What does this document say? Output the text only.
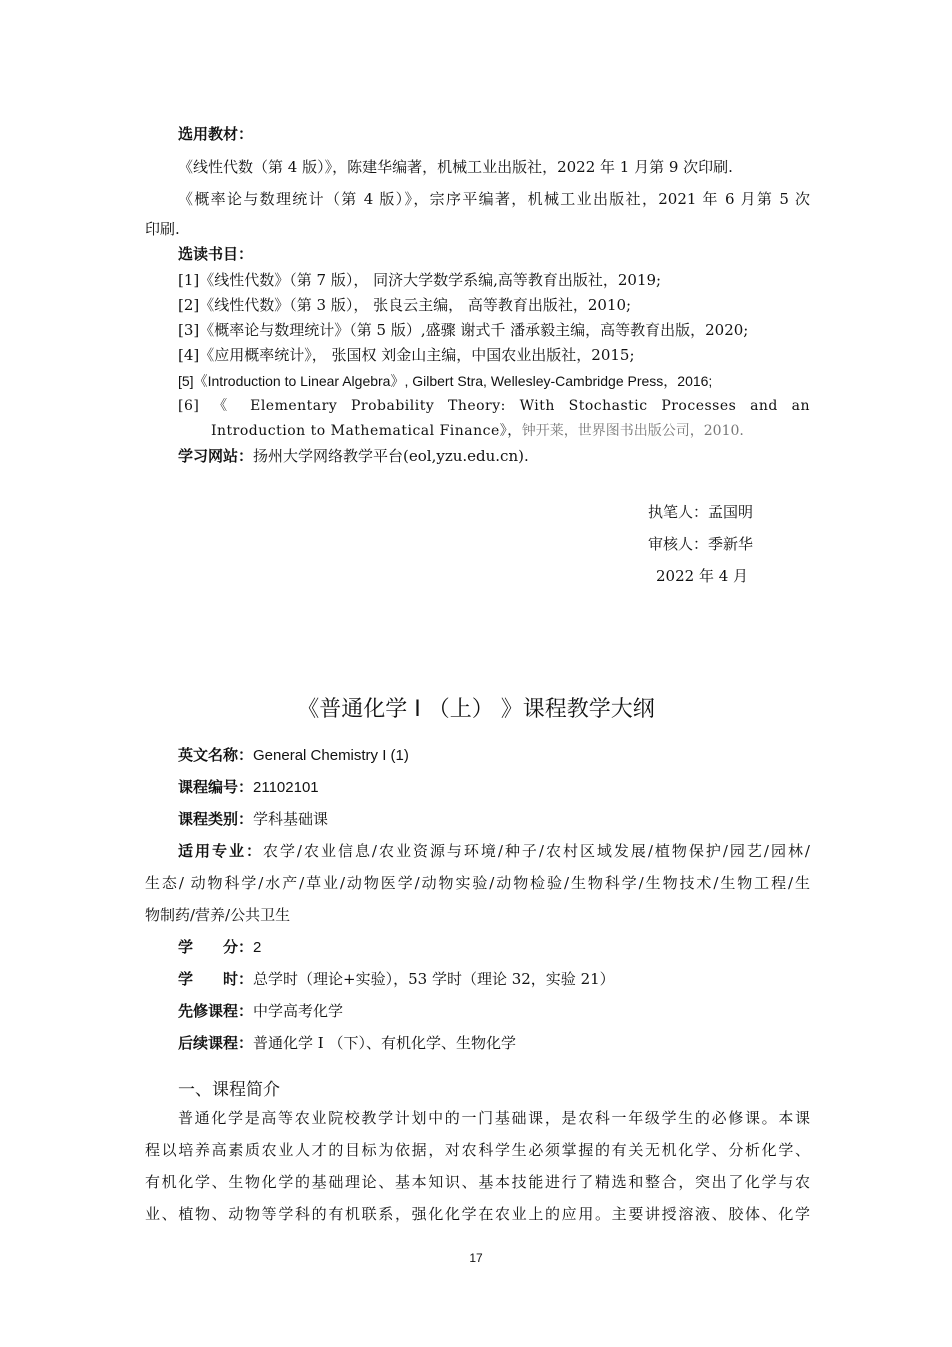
选用教材：
《线性代数（第 4 版）》，陈建华编著，机械工业出版社，2022 年 1 月第 9 次印刷.
《概率论与数理统计（第 4 版）》，宗序平编著，机械工业出版社，2021 年 6 月第 5 次
印刷.
选读书目：
[1]《线性代数》（第 7 版）， 同济大学数学系编,高等教育出版社，2019;
[2]《线性代数》（第 3 版）， 张良云主编， 高等教育出版社，2010;
[3]《概率论与数理统计》（第 5 版）,盛骤 谢式千 潘承毅主编，高等教育出版，2020;
[4]《应用概率统计》， 张国权 刘金山主编，中国农业出版社，2015;
[5]《Introduction to Linear Algebra》, Gilbert Stra, Wellesley-Cambridge Press，2016;
[6] 《 Elementary Probability Theory: With Stochastic Processes and an
Introduction to Mathematical Finance》，钟开莱，世界图书出版公司，2010.
学习网站：扬州大学网络教学平台(eol,yzu.edu.cn).
执笔人：孟国明
审核人：季新华
2022 年 4 月
《普通化学 I （上） 》课程教学大纲
英文名称：General Chemistry I (1)
课程编号：21102101
课程类别：学科基础课
适用专业：农学/农业信息/农业资源与环境/种子/农村区域发展/植物保护/园艺/园林/
生态/ 动物科学/水产/草业/动物医学/动物实验/动物检验/生物科学/生物技术/生物工程/生
物制药/营养/公共卫生
学　　分：2
学　　时：总学时（理论+实验），53 学时（理论 32，实验 21）
先修课程：中学高考化学
后续课程：普通化学 I （下）、有机化学、生物化学
一、课程简介
普通化学是高等农业院校教学计划中的一门基础课，是农科一年级学生的必修课。本课
程以培养高素质农业人才的目标为依据，对农科学生必须掌握的有关无机化学、分析化学、
有机化学、生物化学的基础理论、基本知识、基本技能进行了精选和整合，突出了化学与农
业、植物、动物等学科的有机联系，强化化学在农业上的应用。主要讲授溶液、胶体、化学
17
